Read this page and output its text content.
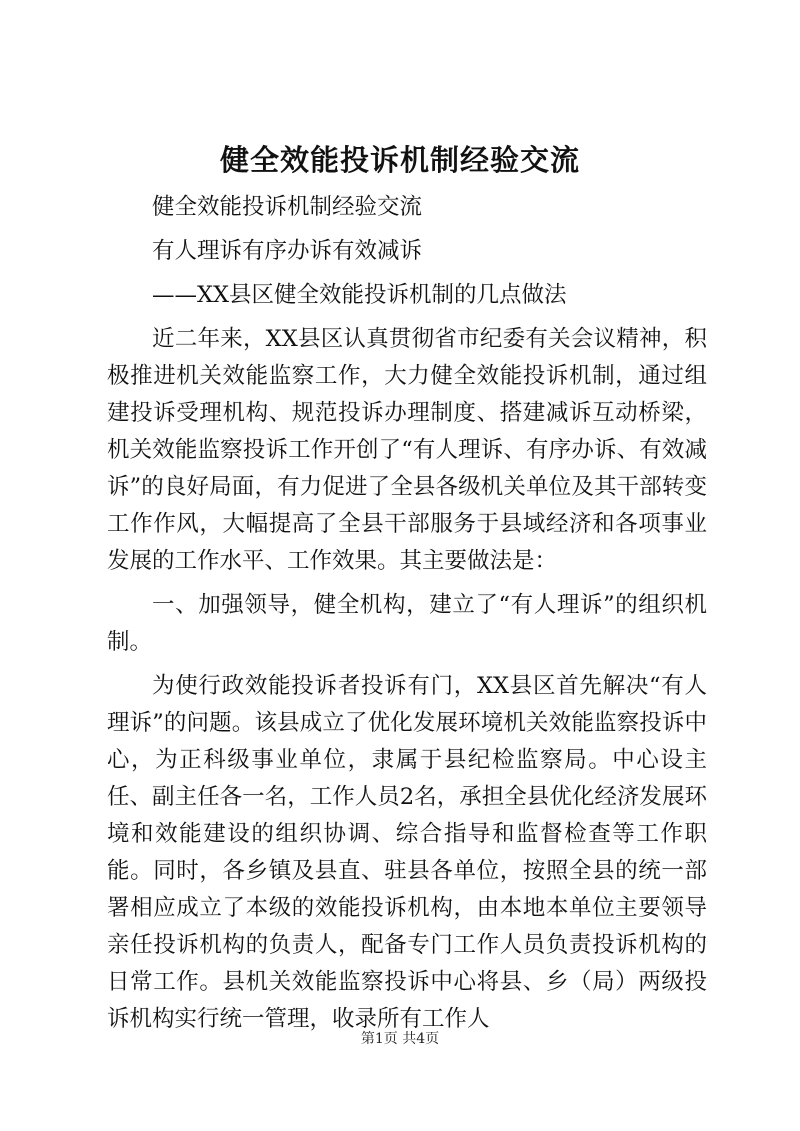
健全效能投诉机制经验交流

健全效能投诉机制经验交流

有人理诉有序办诉有效减诉

——XX县区健全效能投诉机制的几点做法

近二年来，XX县区认真贯彻省市纪委有关会议精神，积极推进机关效能监察工作，大力健全效能投诉机制，通过组建投诉受理机构、规范投诉办理制度、搭建减诉互动桥梁，机关效能监察投诉工作开创了“有人理诉、有序办诉、有效减诉”的良好局面，有力促进了全县各级机关单位及其干部转变工作作风，大幅提高了全县干部服务于县域经济和各项事业发展的工作水平、工作效果。其主要做法是：

一、加强领导，健全机构，建立了“有人理诉”的组织机制。

为使行政效能投诉者投诉有门，XX县区首先解决“有人理诉”的问题。该县成立了优化发展环境机关效能监察投诉中心，为正科级事业单位，隶属于县纪检监察局。中心设主任、副主任各一名，工作人员2名，承担全县优化经济发展环境和效能建设的组织协调、综合指导和监督检查等工作职能。同时，各乡镇及县直、驻县各单位，按照全县的统一部署相应成立了本级的效能投诉机构，由本地本单位主要领导亲任投诉机构的负责人，配备专门工作人员负责投诉机构的日常工作。县机关效能监察投诉中心将县、乡（局）两级投诉机构实行统一管理，收录所有工作人

第1页 共4页
